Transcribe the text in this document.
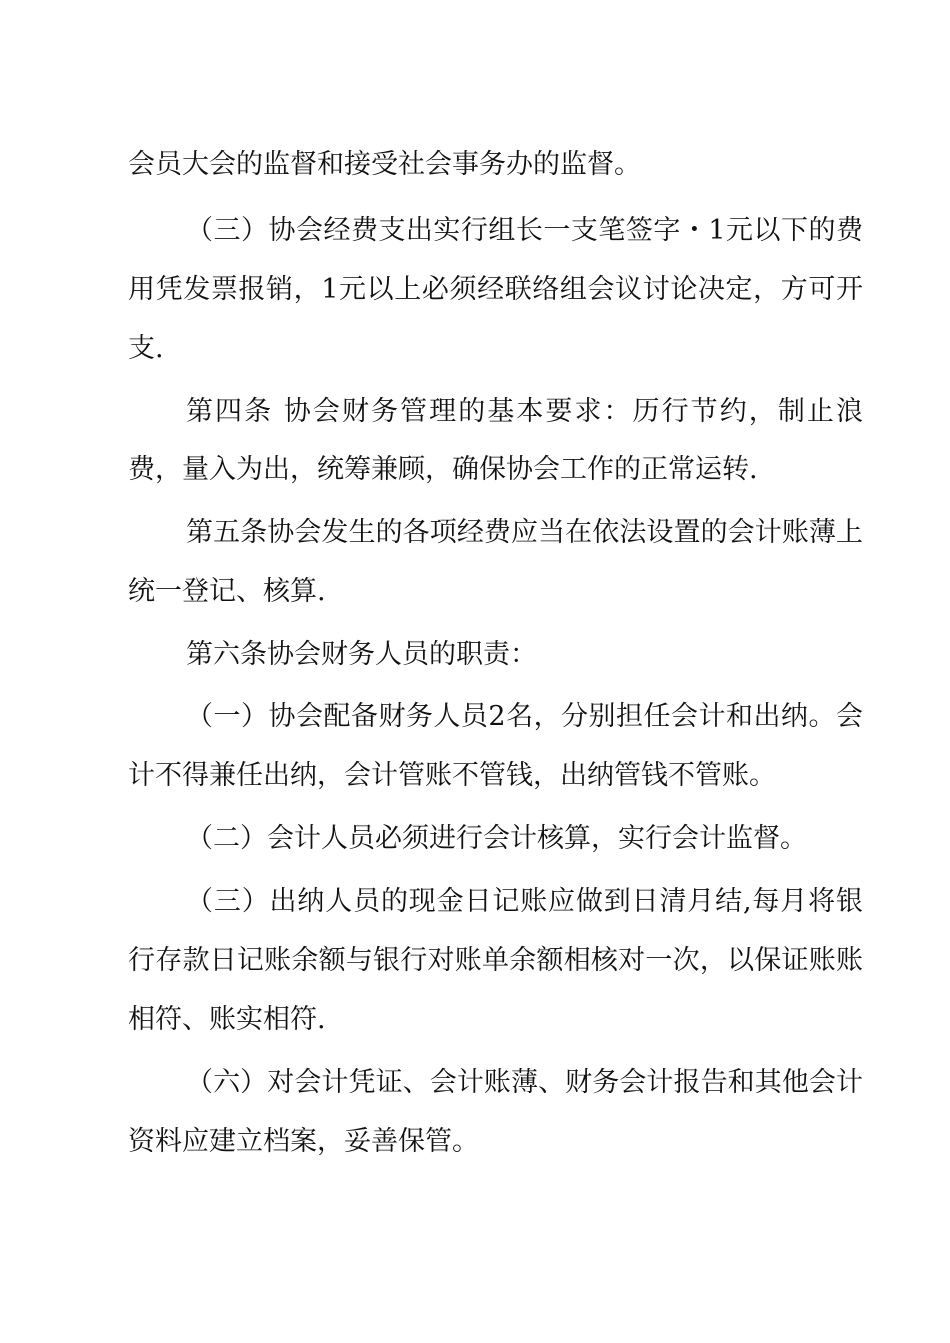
会员大会的监督和接受社会事务办的监督。
（三）协会经费支出实行组长一支笔签字・1元以下的费
用凭发票报销，1元以上必须经联络组会议讨论决定，方可开
支.
第四条 协会财务管理的基本要求：历行节约，制止浪
费，量入为出，统筹兼顾，确保协会工作的正常运转.
第五条协会发生的各项经费应当在依法设置的会计账薄上
统一登记、核算.
第六条协会财务人员的职责：
（一）协会配备财务人员2名，分别担任会计和出纳。会
计不得兼任出纳，会计管账不管钱，出纳管钱不管账。
（二）会计人员必须进行会计核算，实行会计监督。
（三）出纳人员的现金日记账应做到日清月结,每月将银
行存款日记账余额与银行对账单余额相核对一次，以保证账账
相符、账实相符.
（六）对会计凭证、会计账薄、财务会计报告和其他会计
资料应建立档案，妥善保管。
